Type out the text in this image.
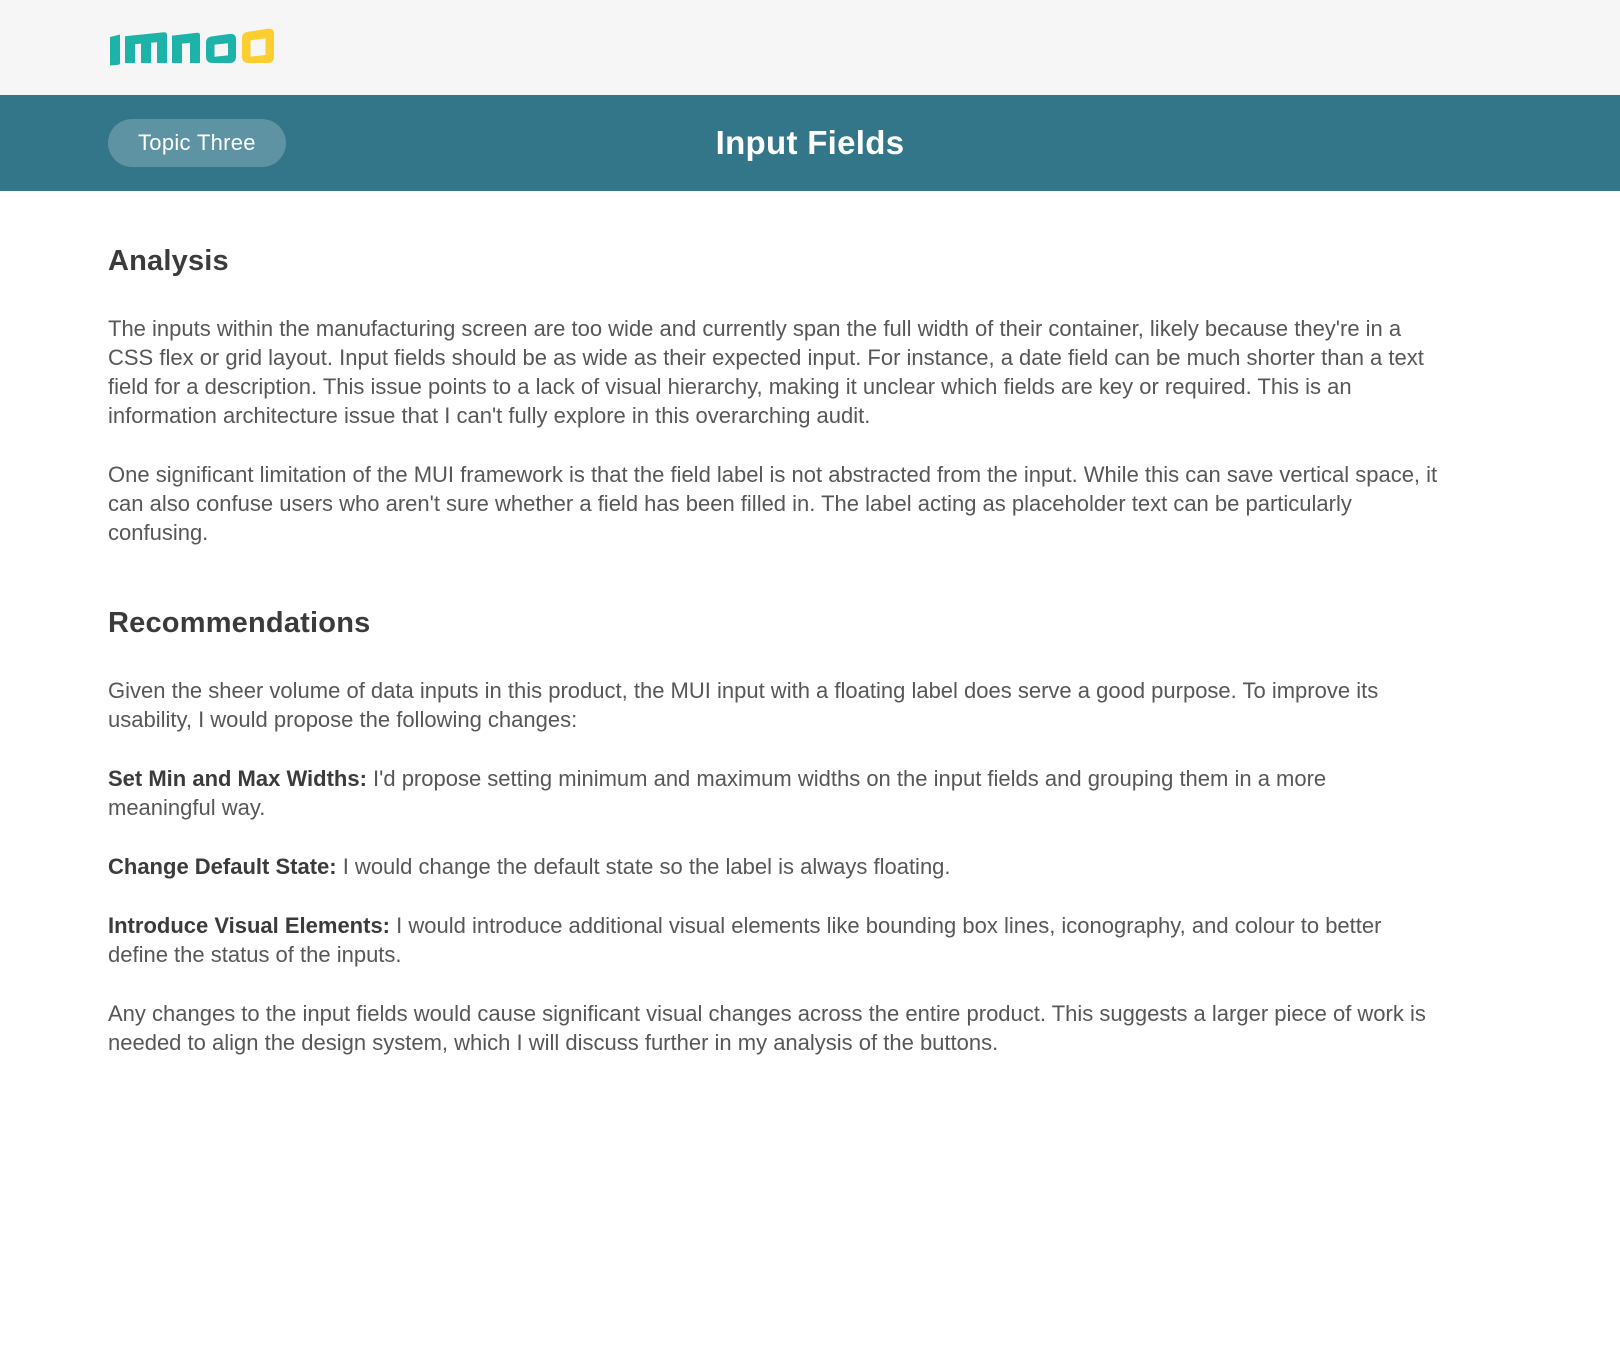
Topic Three	Input Fields
Analysis

The inputs within the manufacturing screen are too wide and currently span the full width of their container, likely because they're in a CSS flex or grid layout. Input fields should be as wide as their expected input. For instance, a date field can be much shorter than a text field for a description. This issue points to a lack of visual hierarchy, making it unclear which fields are key or required. This is an information architecture issue that I can't fully explore in this overarching audit.

One significant limitation of the MUI framework is that the field label is not abstracted from the input. While this can save vertical space, it can also confuse users who aren't sure whether a field has been filled in. The label acting as placeholder text can be particularly confusing.

Recommendations

Given the sheer volume of data inputs in this product, the MUI input with a floating label does serve a good purpose. To improve its usability, I would propose the following changes:

Set Min and Max Widths: I'd propose setting minimum and maximum widths on the input fields and grouping them in a more meaningful way.

Change Default State: I would change the default state so the label is always floating.

Introduce Visual Elements: I would introduce additional visual elements like bounding box lines, iconography, and colour to better define the status of the inputs.

Any changes to the input fields would cause significant visual changes across the entire product. This suggests a larger piece of work is needed to align the design system, which I will discuss further in my analysis of the buttons.
